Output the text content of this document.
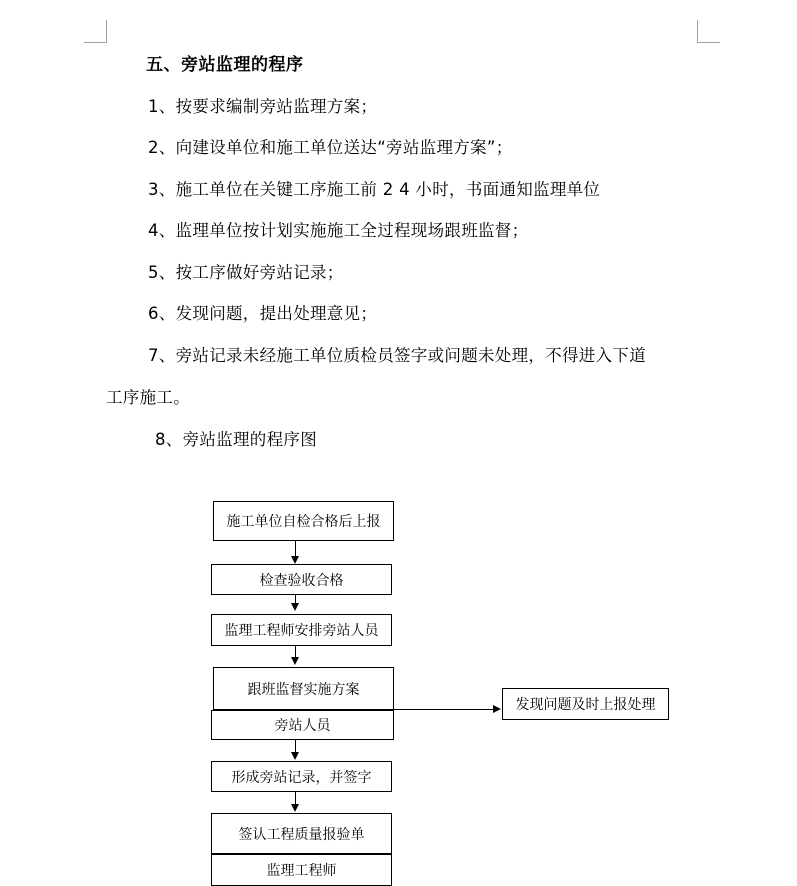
五、旁站监理的程序
1、按要求编制旁站监理方案；
2、向建设单位和施工单位送达“旁站监理方案”；
3、施工单位在关键工序施工前 2 4 小时，书面通知监理单位
4、监理单位按计划实施施工全过程现场跟班监督；
5、按工序做好旁站记录；
6、发现问题，提出处理意见；
7、旁站记录未经施工单位质检员签字或问题未处理，不得进入下道
工序施工。
8、旁站监理的程序图
施工单位自检合格后上报
检查验收合格
监理工程师安排旁站人员
跟班监督实施方案
旁站人员
发现问题及时上报处理
形成旁站记录，并签字
签认工程质量报验单
监理工程师
